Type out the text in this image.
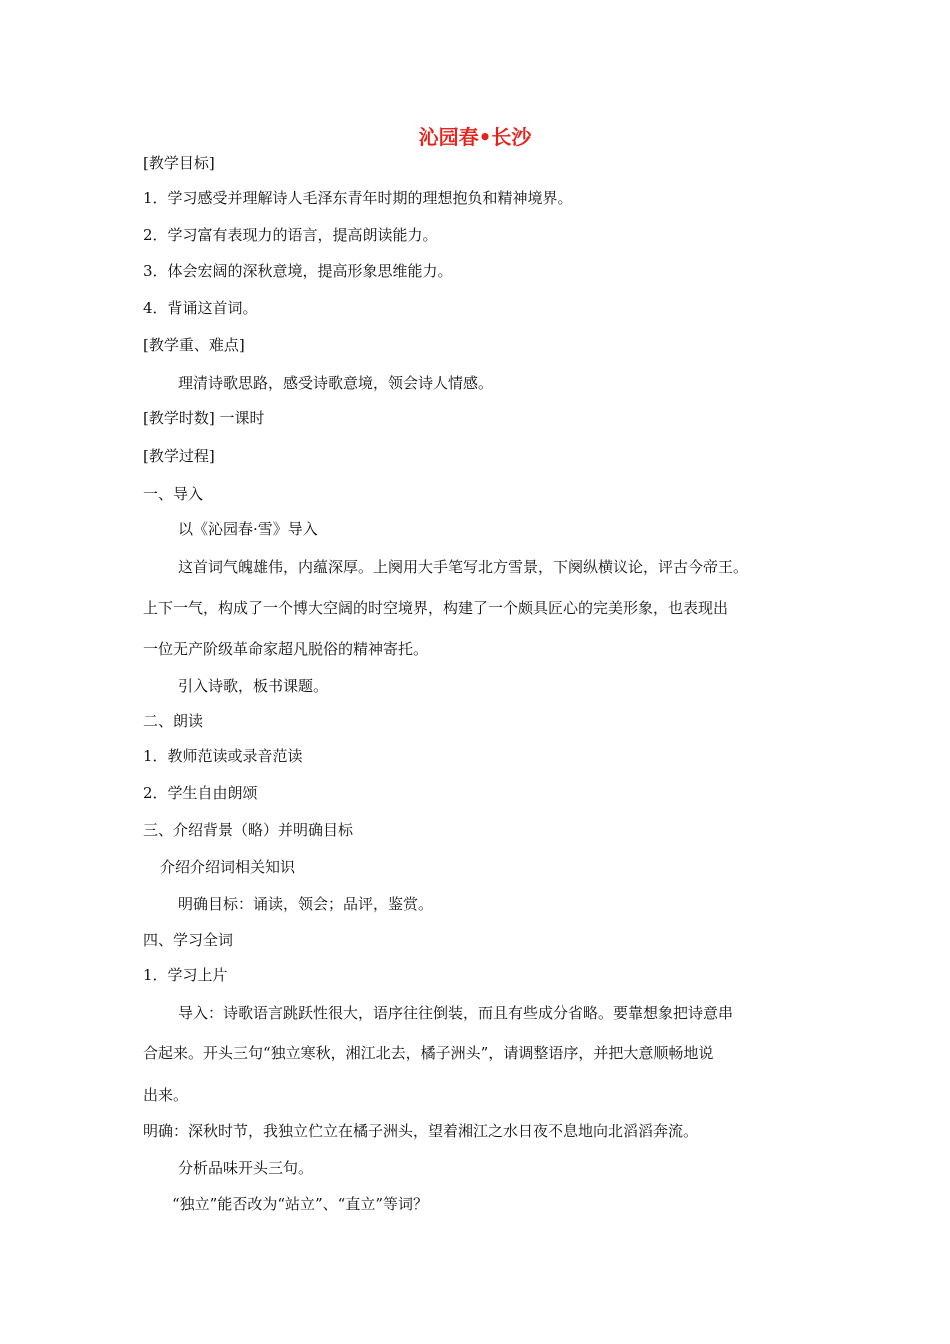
沁园春•长沙
[教学目标]
1．学习感受并理解诗人毛泽东青年时期的理想抱负和精神境界。
2．学习富有表现力的语言，提高朗读能力。
3．体会宏阔的深秋意境，提高形象思维能力。
4．背诵这首词。
[教学重、难点]
理清诗歌思路，感受诗歌意境，领会诗人情感。
[教学时数] 一课时
[教学过程]
一、导入
以《沁园春·雪》导入
这首词气魄雄伟，内蕴深厚。上阕用大手笔写北方雪景，下阕纵横议论，评古今帝王。
上下一气，构成了一个博大空阔的时空境界，构建了一个颇具匠心的完美形象，也表现出
一位无产阶级革命家超凡脱俗的精神寄托。
引入诗歌，板书课题。
二、朗读
1．教师范读或录音范读
2．学生自由朗颂
三、介绍背景（略）并明确目标
介绍介绍词相关知识
明确目标：诵读，领会；品评，鉴赏。
四、学习全词
1．学习上片
导入：诗歌语言跳跃性很大，语序往往倒装，而且有些成分省略。要靠想象把诗意串
合起来。开头三句“独立寒秋，湘江北去，橘子洲头”，请调整语序，并把大意顺畅地说
出来。
明确：深秋时节，我独立伫立在橘子洲头，望着湘江之水日夜不息地向北滔滔奔流。
分析品味开头三句。
“独立”能否改为“站立”、“直立”等词？
